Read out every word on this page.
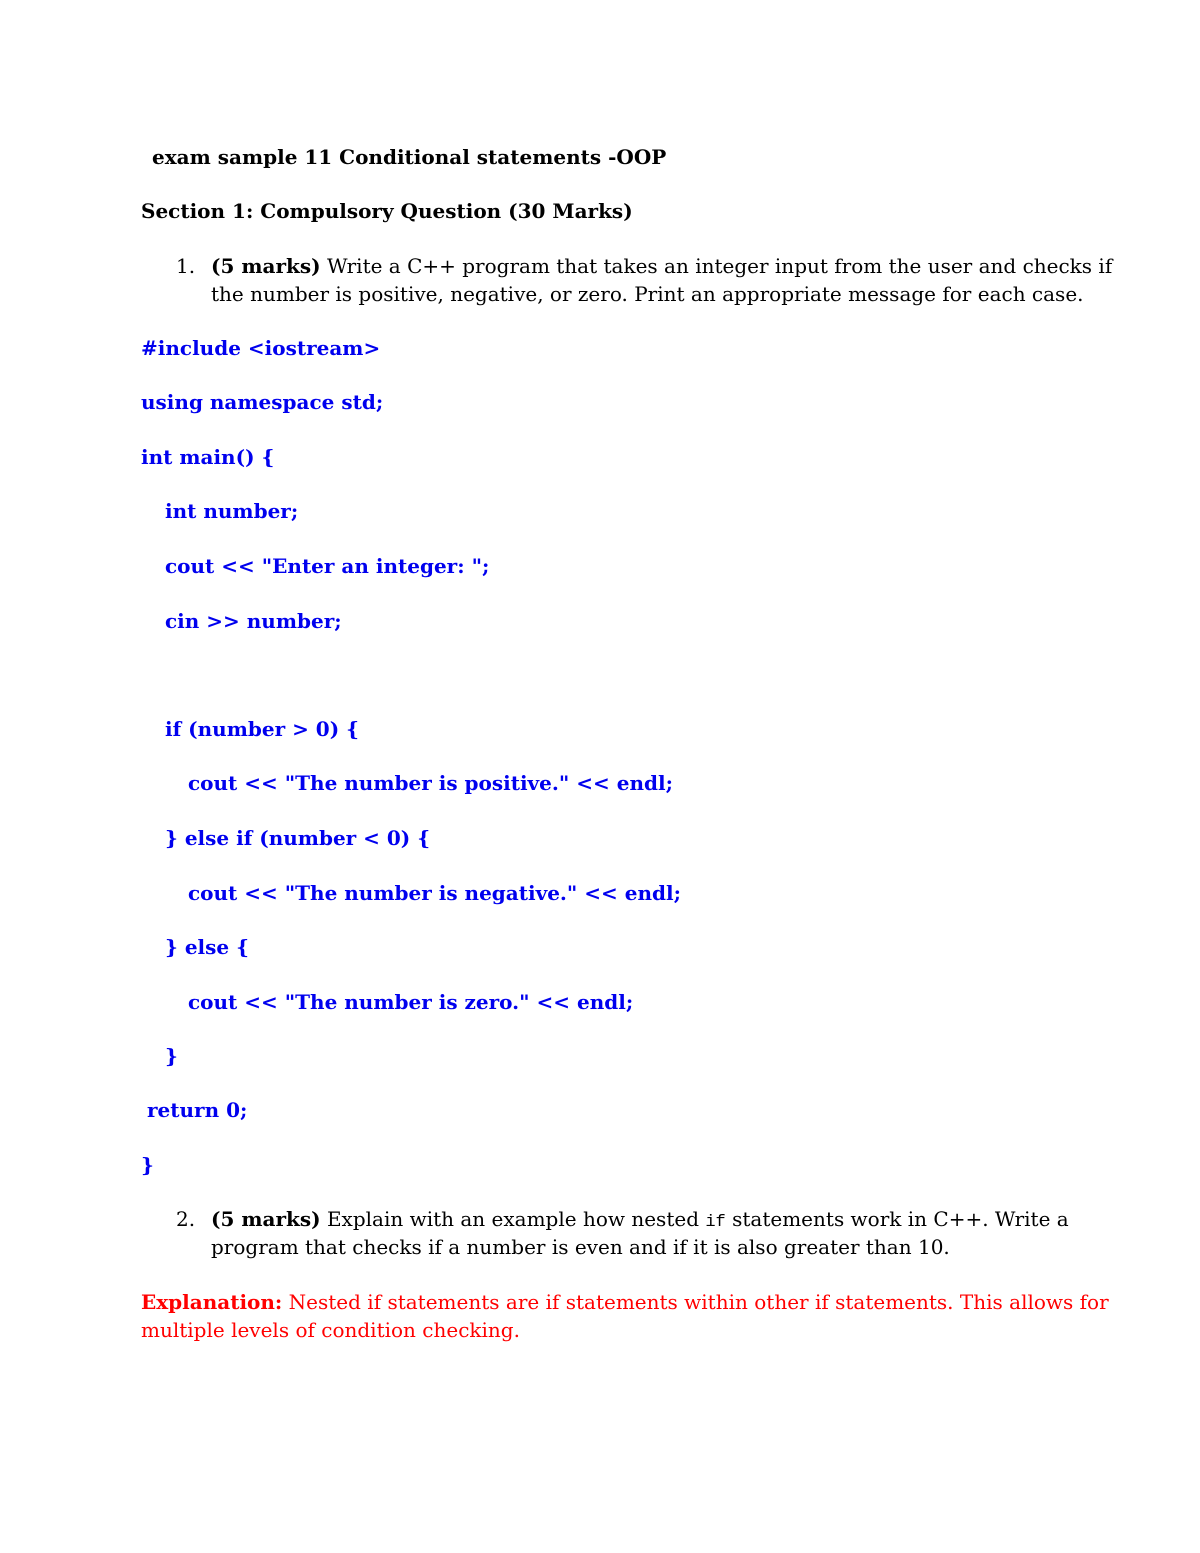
exam sample 11 Conditional statements -OOP
Section 1: Compulsory Question (30 Marks)
1. (5 marks) Write a C++ program that takes an integer input from the user and checks if
the number is positive, negative, or zero. Print an appropriate message for each case.
#include <iostream>
using namespace std;
int main() {
int number;
cout << "Enter an integer: ";
cin >> number;
if (number > 0) {
cout << "The number is positive." << endl;
} else if (number < 0) {
cout << "The number is negative." << endl;
} else {
cout << "The number is zero." << endl;
}
return 0;
}
2. (5 marks) Explain with an example how nested if statements work in C++. Write a
program that checks if a number is even and if it is also greater than 10.
Explanation: Nested if statements are if statements within other if statements. This allows for
multiple levels of condition checking.
